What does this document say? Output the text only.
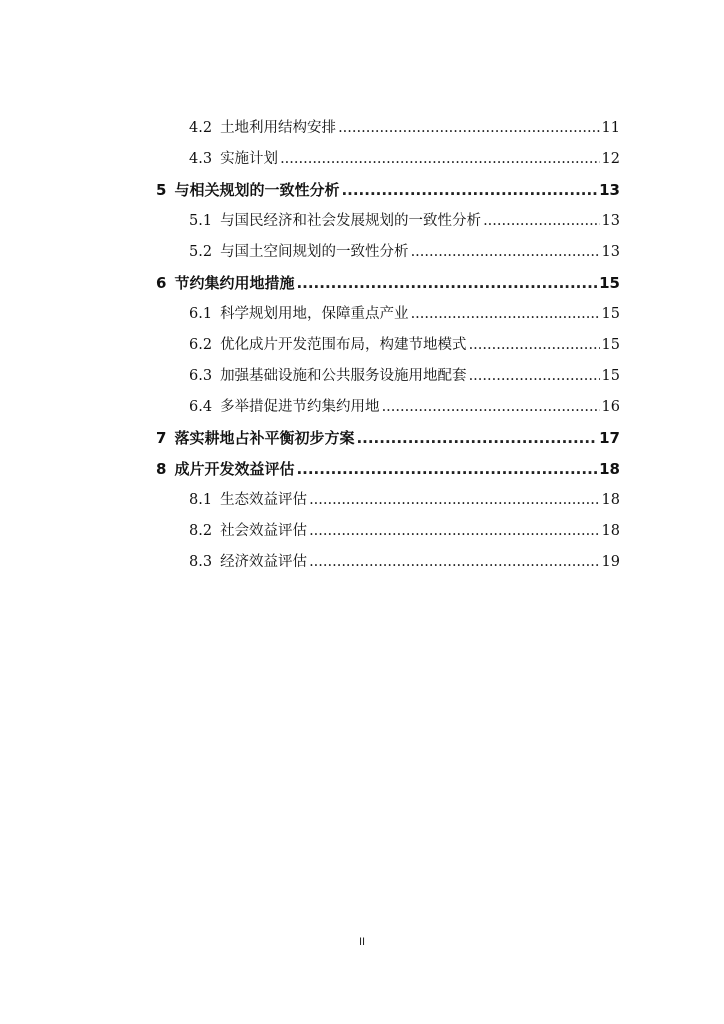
4.2 土地利用结构安排 .....	11
4.3 实施计划 .....	12
5 与相关规划的一致性分析 .....	13
5.1 与国民经济和社会发展规划的一致性分析 .....	13
5.2 与国土空间规划的一致性分析 .....	13
6 节约集约用地措施 .....	15
6.1 科学规划用地，保障重点产业 .....	15
6.2 优化成片开发范围布局，构建节地模式 .....	15
6.3 加强基础设施和公共服务设施用地配套 .....	15
6.4 多举措促进节约集约用地 .....	16
7 落实耕地占补平衡初步方案 .....	17
8 成片开发效益评估 .....	18
8.1 生态效益评估 .....	18
8.2 社会效益评估 .....	18
8.3 经济效益评估 .....	19
II
